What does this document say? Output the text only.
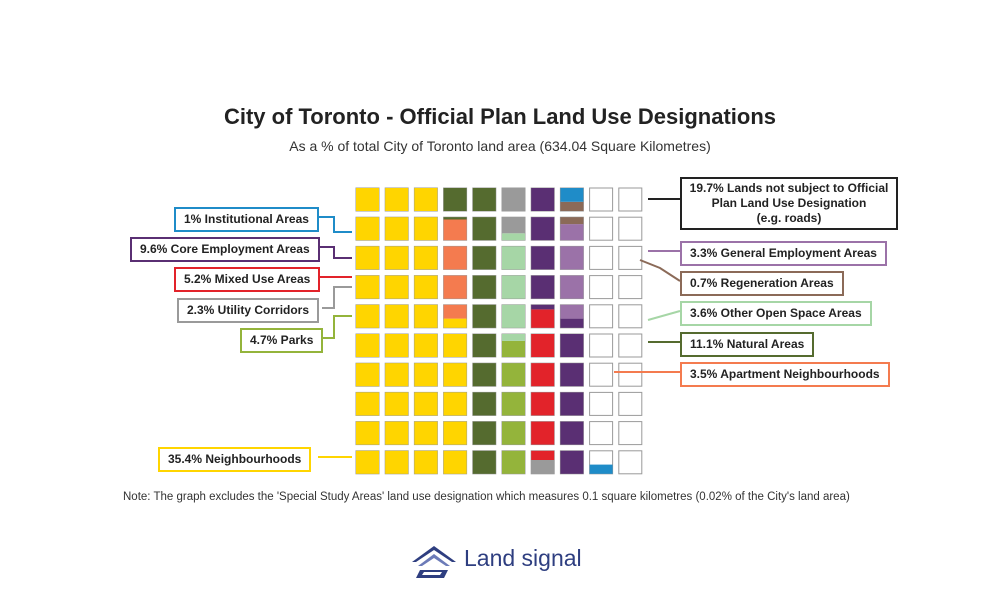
City of Toronto - Official Plan Land Use Designations
As a % of total City of Toronto land area (634.04 Square Kilometres)
1% Institutional Areas
9.6% Core Employment Areas
5.2% Mixed Use Areas
2.3% Utility Corridors
4.7% Parks
35.4% Neighbourhoods
19.7% Lands not subject to Official
Plan Land Use Designation
(e.g. roads)
3.3% General Employment Areas
0.7% Regeneration Areas
3.6% Other Open Space Areas
11.1% Natural Areas
3.5% Apartment Neighbourhoods
Note: The graph excludes the 'Special Study Areas' land use designation which measures 0.1 square kilometres (0.02% of the City's land area)
Land signal
